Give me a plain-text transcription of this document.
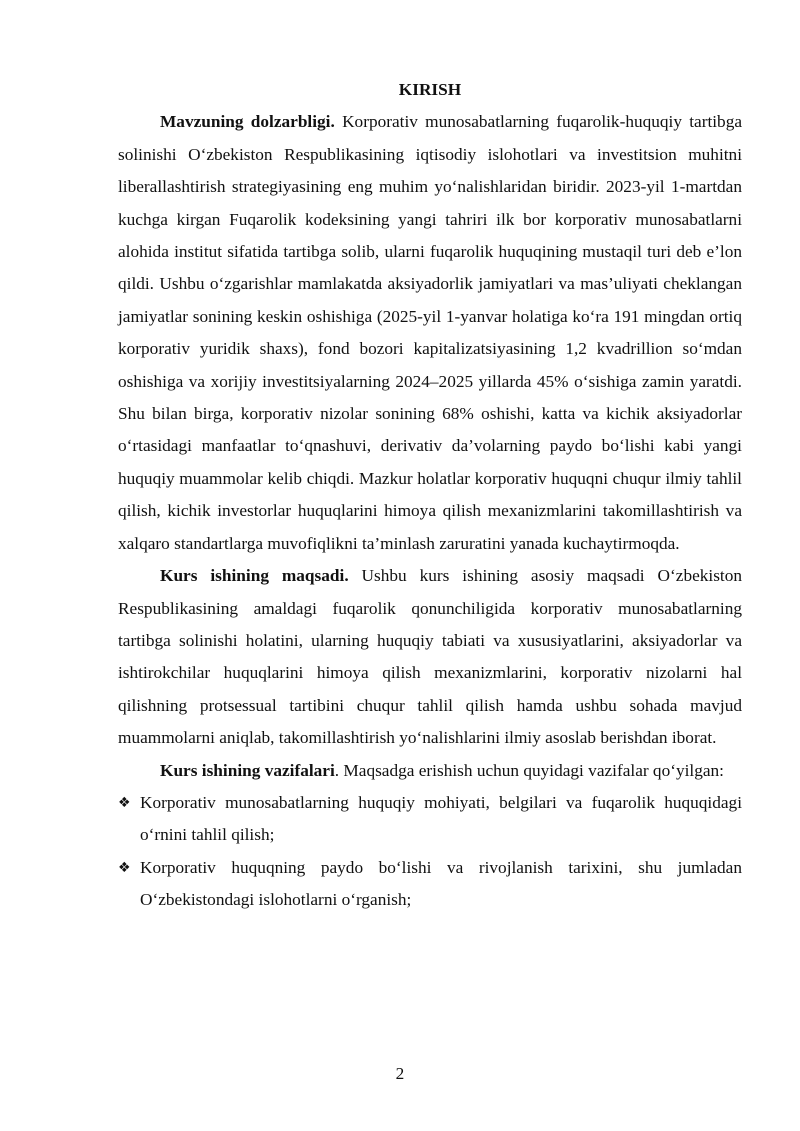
KIRISH

Mavzuning dolzarbligi. Korporativ munosabatlarning fuqarolik-huquqiy tartibga solinishi O‘zbekiston Respublikasining iqtisodiy islohotlari va investitsion muhitni liberallashtirish strategiyasining eng muhim yo‘nalishlaridan biridir. 2023-yil 1-martdan kuchga kirgan Fuqarolik kodeksining yangi tahriri ilk bor korporativ munosabatlarni alohida institut sifatida tartibga solib, ularni fuqarolik huquqining mustaqil turi deb e’lon qildi. Ushbu o‘zgarishlar mamlakatda aksiyadorlik jamiyatlari va mas’uliyati cheklangan jamiyatlar sonining keskin oshishiga (2025-yil 1-yanvar holatiga ko‘ra 191 mingdan ortiq korporativ yuridik shaxs), fond bozori kapitalizatsiyasining 1,2 kvadrillion so‘mdan oshishiga va xorijiy investitsiyalarning 2024–2025 yillarda 45% o‘sishiga zamin yaratdi. Shu bilan birga, korporativ nizolar sonining 68% oshishi, katta va kichik aksiyadorlar o‘rtasidagi manfaatlar to‘qnashuvi, derivativ da’volarning paydo bo‘lishi kabi yangi huquqiy muammolar kelib chiqdi. Mazkur holatlar korporativ huquqni chuqur ilmiy tahlil qilish, kichik investorlar huquqlarini himoya qilish mexanizmlarini takomillashtirish va xalqaro standartlarga muvofiqlikni ta’minlash zaruratini yanada kuchaytirmoqda.

Kurs ishining maqsadi. Ushbu kurs ishining asosiy maqsadi O‘zbekiston Respublikasining amaldagi fuqarolik qonunchiligida korporativ munosabatlarning tartibga solinishi holatini, ularning huquqiy tabiati va xususiyatlarini, aksiyadorlar va ishtirokchilar huquqlarini himoya qilish mexanizmlarini, korporativ nizolarni hal qilishning protsessual tartibini chuqur tahlil qilish hamda ushbu sohada mavjud muammolarni aniqlab, takomillashtirish yo‘nalishlarini ilmiy asoslab berishdan iborat.

Kurs ishining vazifalari. Maqsadga erishish uchun quyidagi vazifalar qo‘yilgan:

❖ Korporativ munosabatlarning huquqiy mohiyati, belgilari va fuqarolik huquqidagi o‘rnini tahlil qilish;
❖ Korporativ huquqning paydo bo‘lishi va rivojlanish tarixini, shu jumladan O‘zbekistondagi islohotlarni o‘rganish;
2
